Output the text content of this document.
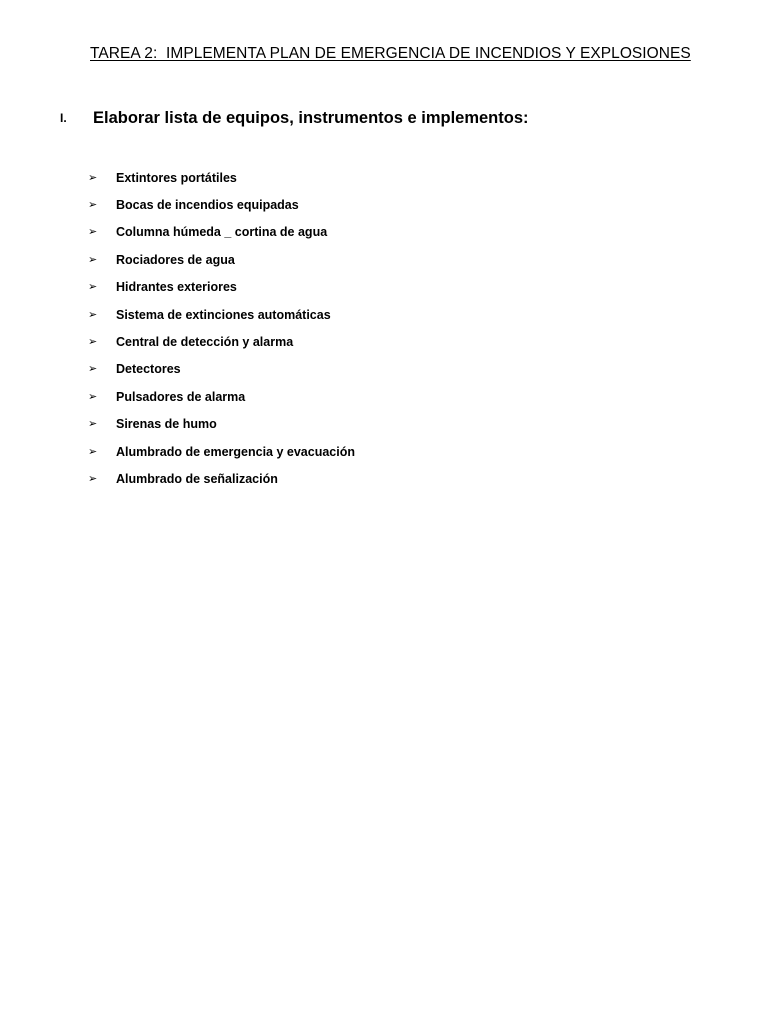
TAREA 2:  IMPLEMENTA PLAN DE EMERGENCIA DE INCENDIOS Y EXPLOSIONES
I.	Elaborar lista de equipos, instrumentos e implementos:
➢	Extintores portátiles
➢	Bocas de incendios equipadas
➢	Columna húmeda _ cortina de agua
➢	Rociadores de agua
➢	Hidrantes exteriores
➢	Sistema de extinciones automáticas
➢	Central de detección y alarma
➢	Detectores
➢	Pulsadores de alarma
➢	Sirenas de humo
➢	Alumbrado de emergencia y evacuación
➢	Alumbrado de señalización
